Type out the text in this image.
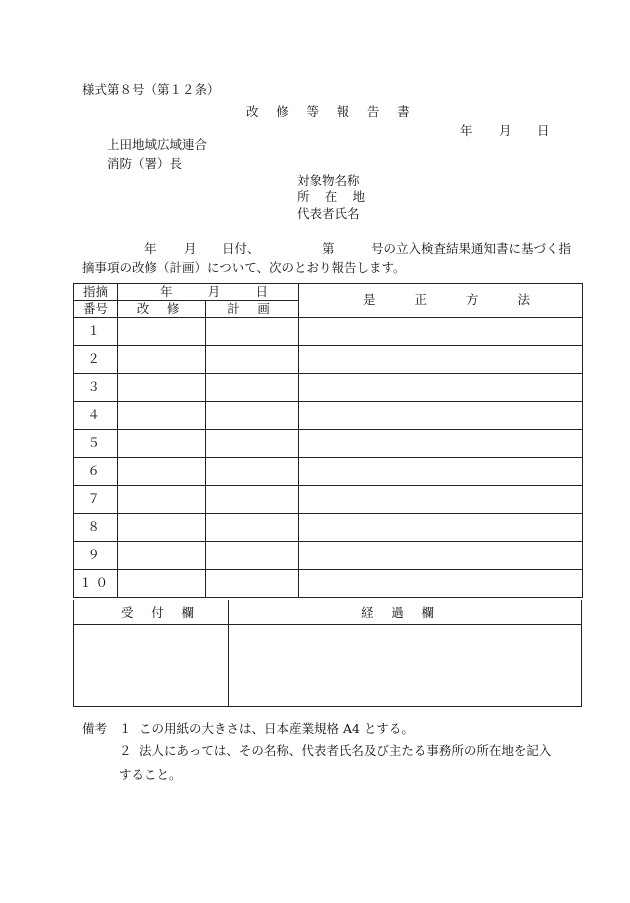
様式第８号（第１２条）
改 修 等 報 告 書
年 月 日
上田地域広域連合
消防（署）長
対象物名称
所 在 地
代表者氏名
年 月 日付、	第	号の立入検査結果通知書に基づく指
摘事項の改修（計画）について、次のとおり報告します。
指摘	年 月 日		是 正 方 法

番号	改 修	計 画	
１			
２			
３			
４			
５			
６			
７			
８			
９			
１０			
受 付 欄	経 過 欄
備考 １ この用紙の大きさは、日本産業規格 A4 とする。
２ 法人にあっては、その名称、代表者氏名及び主たる事務所の所在地を記入
すること。
